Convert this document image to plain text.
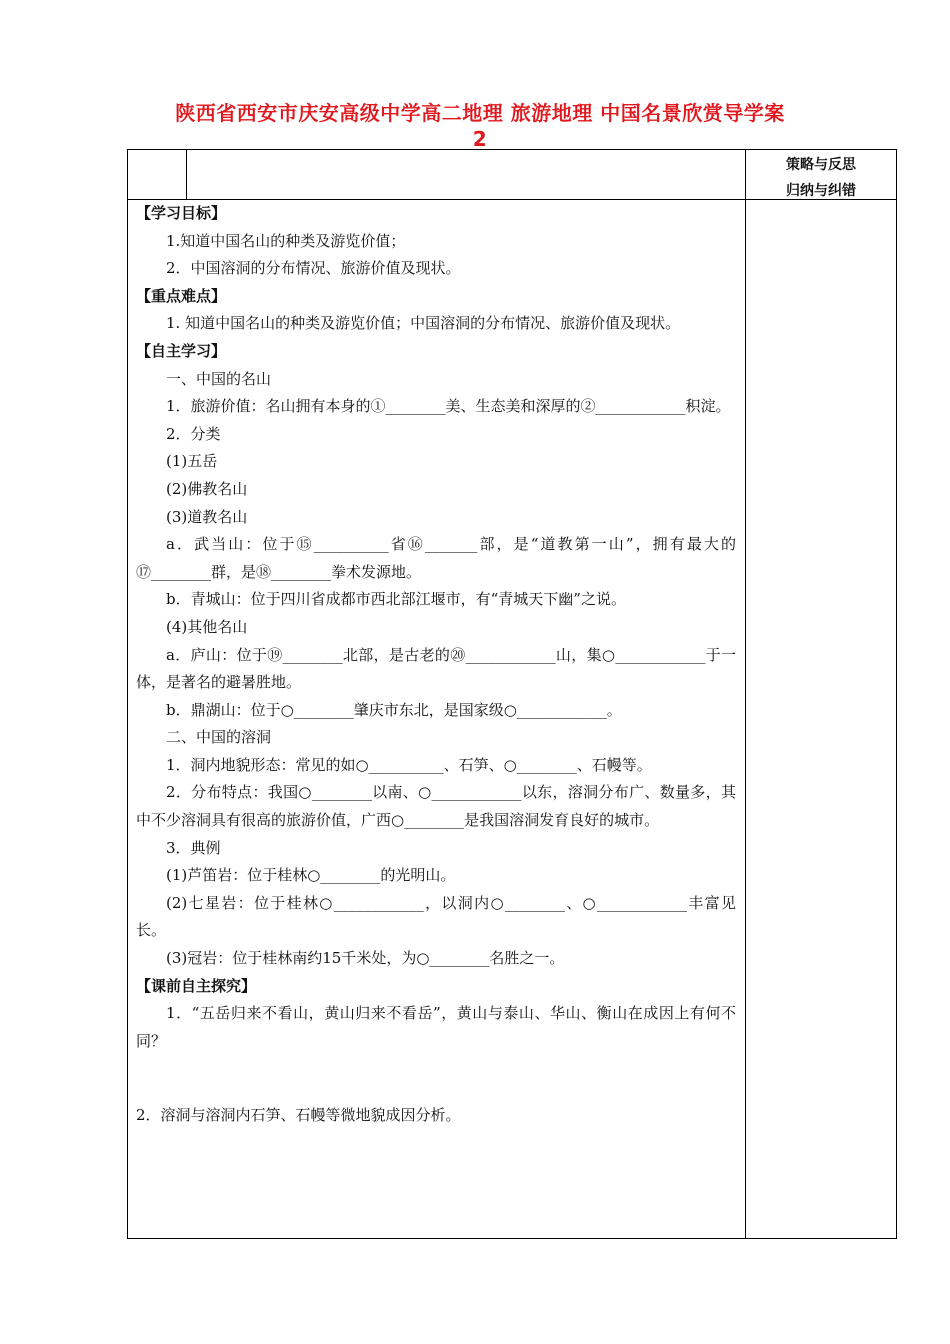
陕西省西安市庆安高级中学高二地理 旅游地理 中国名景欣赏导学案
2
策略与反思
归纳与纠错

【学习目标】

1.知道中国名山的种类及游览价值；

2．中国溶洞的分布情况、旅游价值及现状。

【重点难点】

1. 知道中国名山的种类及游览价值；中国溶洞的分布情况、旅游价值及现状。

【自主学习】

一、中国的名山

1．旅游价值：名山拥有本身的①________美、生态美和深厚的②____________积淀。

2．分类

(1)五岳

(2)佛教名山

(3)道教名山

a．武当山：位于⑮__________省⑯_______部，是“道教第一山”，拥有最大的⑰________群，是⑱________拳术发源地。

b．青城山：位于四川省成都市西北部江堰市，有“青城天下幽”之说。

(4)其他名山

a．庐山：位于⑲________北部，是古老的⑳____________山，集○____________于一体，是著名的避暑胜地。

b．鼎湖山：位于○________肇庆市东北，是国家级○____________。

二、中国的溶洞

1．洞内地貌形态：常见的如○__________、石笋、○________、石幔等。

2．分布特点：我国○________以南、○____________以东，溶洞分布广、数量多，其中不少溶洞具有很高的旅游价值，广西○________是我国溶洞发育良好的城市。

3．典例

(1)芦笛岩：位于桂林○________的光明山。

(2)七星岩：位于桂林○____________，以洞内○________、○____________丰富见长。

(3)冠岩：位于桂林南约15千米处，为○________名胜之一。

【课前自主探究】

1．“五岳归来不看山，黄山归来不看岳”，黄山与泰山、华山、衡山在成因上有何不同？

2．溶洞与溶洞内石笋、石幔等微地貌成因分析。
